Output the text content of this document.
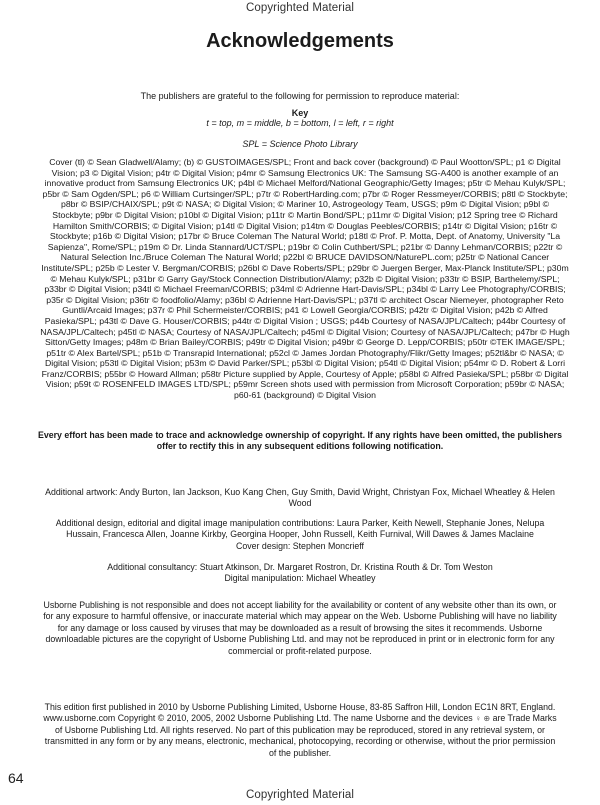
Copyrighted Material
Acknowledgements
The publishers are grateful to the following for permission to reproduce material:
Key
t = top, m = middle, b = bottom, l = left, r = right
SPL = Science Photo Library
Cover (tl) © Sean Gladwell/Alamy; (b) © GUSTOIMAGES/SPL; Front and back cover (background) © Paul Wootton/SPL; p1 © Digital Vision; p3 © Digital Vision; p4tr © Digital Vision; p4mr © Samsung Electronics UK: The Samsung SG-A400 is another example of an innovative product from Samsung Electronics UK; p4bl © Michael Melford/National Geographic/Getty Images; p5tr © Mehau Kulyk/SPL; p5br © Sam Ogden/SPL; p6 © William Curtsinger/SPL; p7tr © RobertHarding.com; p7br © Roger Ressmeyer/CORBIS; p8tl © Stockbyte; p8br © BSIP/CHAIX/SPL; p9t © NASA; © Digital Vision; © Mariner 10, Astrogeology Team, USGS; p9m © Digital Vision; p9bl © Stockbyte; p9br © Digital Vision; p10bl © Digital Vision; p11tr © Martin Bond/SPL; p11mr © Digital Vision; p12 Spring tree © Richard Hamilton Smith/CORBIS; © Digital Vision; p14tl © Digital Vision; p14tm © Douglas Peebles/CORBIS; p14tr © Digital Vision; p16tr © Stockbyte; p16b © Digital Vision; p17br © Bruce Coleman The Natural World; p18tl © Prof. P. Motta, Dept. of Anatomy, University "La Sapienza", Rome/SPL; p19m © Dr. Linda Stannard/UCT/SPL; p19br © Colin Cuthbert/SPL; p21br © Danny Lehman/CORBIS; p22tr © Natural Selection Inc./Bruce Coleman The Natural World; p22bl © BRUCE DAVIDSON/NaturePL.com; p25tr © National Cancer Institute/SPL; p25b © Lester V. Bergman/CORBIS; p26bl © Dave Roberts/SPL; p29br © Juergen Berger, Max-Planck Institute/SPL; p30m © Mehau Kulyk/SPL; p31br © Garry Gay/Stock Connection Distribution/Alamy; p32b © Digital Vision; p33tr © BSIP, Barthelemy/SPL; p33br © Digital Vision; p34tl © Michael Freeman/CORBIS; p34ml © Adrienne Hart-Davis/SPL; p34bl © Larry Lee Photography/CORBIS; p35r © Digital Vision; p36tr © foodfolio/Alamy; p36bl © Adrienne Hart-Davis/SPL; p37tl © architect Oscar Niemeyer, photographer Reto Guntli/Arcaid Images; p37r © Phil Schermeister/CORBIS; p41 © Lowell Georgia/CORBIS; p42tr © Digital Vision; p42b © Alfred Pasieka/SPL; p43tl © Dave G. Houser/CORBIS; p44tr © Digital Vision ; USGS; p44b Courtesy of NASA/JPL/Caltech; p44br Courtesy of NASA/JPL/Caltech; p45tl © NASA; Courtesy of NASA/JPL/Caltech; p45ml © Digital Vision; Courtesy of NASA/JPL/Caltech; p47br © Hugh Sitton/Getty Images; p48m © Brian Bailey/CORBIS; p49tr © Digital Vision; p49br © George D. Lepp/CORBIS; p50tr ©TEK IMAGE/SPL; p51tr © Alex Bartel/SPL; p51b © Transrapid International; p52cl © James Jordan Photography/Flikr/Getty Images; p52tl&br © NASA; © Digital Vision; p53tl © Digital Vision; p53m © David Parker/SPL; p53bl © Digital Vision; p54tl © Digital Vision; p54mr © D. Robert & Lorri Franz/CORBIS; p55br © Howard Allman; p58tr Picture supplied by Apple, Courtesy of Apple; p58bl © Alfred Pasieka/SPL; p58br © Digital Vision; p59t © ROSENFELD IMAGES LTD/SPL; p59mr Screen shots used with permission from Microsoft Corporation; p59br © NASA; p60-61 (background) © Digital Vision
Every effort has been made to trace and acknowledge ownership of copyright. If any rights have been omitted, the publishers offer to rectify this in any subsequent editions following notification.
Additional artwork: Andy Burton, Ian Jackson, Kuo Kang Chen, Guy Smith, David Wright, Christyan Fox, Michael Wheatley & Helen Wood
Additional design, editorial and digital image manipulation contributions: Laura Parker, Keith Newell, Stephanie Jones, Nelupa Hussain, Francesca Allen, Joanne Kirkby, Georgina Hooper, John Russell, Keith Furnival, Will Dawes & James Maclaine
Cover design: Stephen Moncrieff
Additional consultancy: Stuart Atkinson, Dr. Margaret Rostron, Dr. Kristina Routh & Dr. Tom Weston
Digital manipulation: Michael Wheatley
Usborne Publishing is not responsible and does not accept liability for the availability or content of any website other than its own, or for any exposure to harmful offensive, or inaccurate material which may appear on the Web. Usborne Publishing will have no liability for any damage or loss caused by viruses that may be downloaded as a result of browsing the sites it recommends. Usborne downloadable pictures are the copyright of Usborne Publishing Ltd. and may not be reproduced in print or in electronic form for any commercial or profit-related purpose.
This edition first published in 2010 by Usborne Publishing Limited, Usborne House, 83-85 Saffron Hill, London EC1N 8RT, England. www.usborne.com Copyright © 2010, 2005, 2002 Usborne Publishing Ltd. The name Usborne and the devices ♀ ⊕ are Trade Marks of Usborne Publishing Ltd. All rights reserved. No part of this publication may be reproduced, stored in any retrieval system, or transmitted in any form or by any means, electronic, mechanical, photocopying, recording or otherwise, without the prior permission of the publisher.
64
Copyrighted Material
